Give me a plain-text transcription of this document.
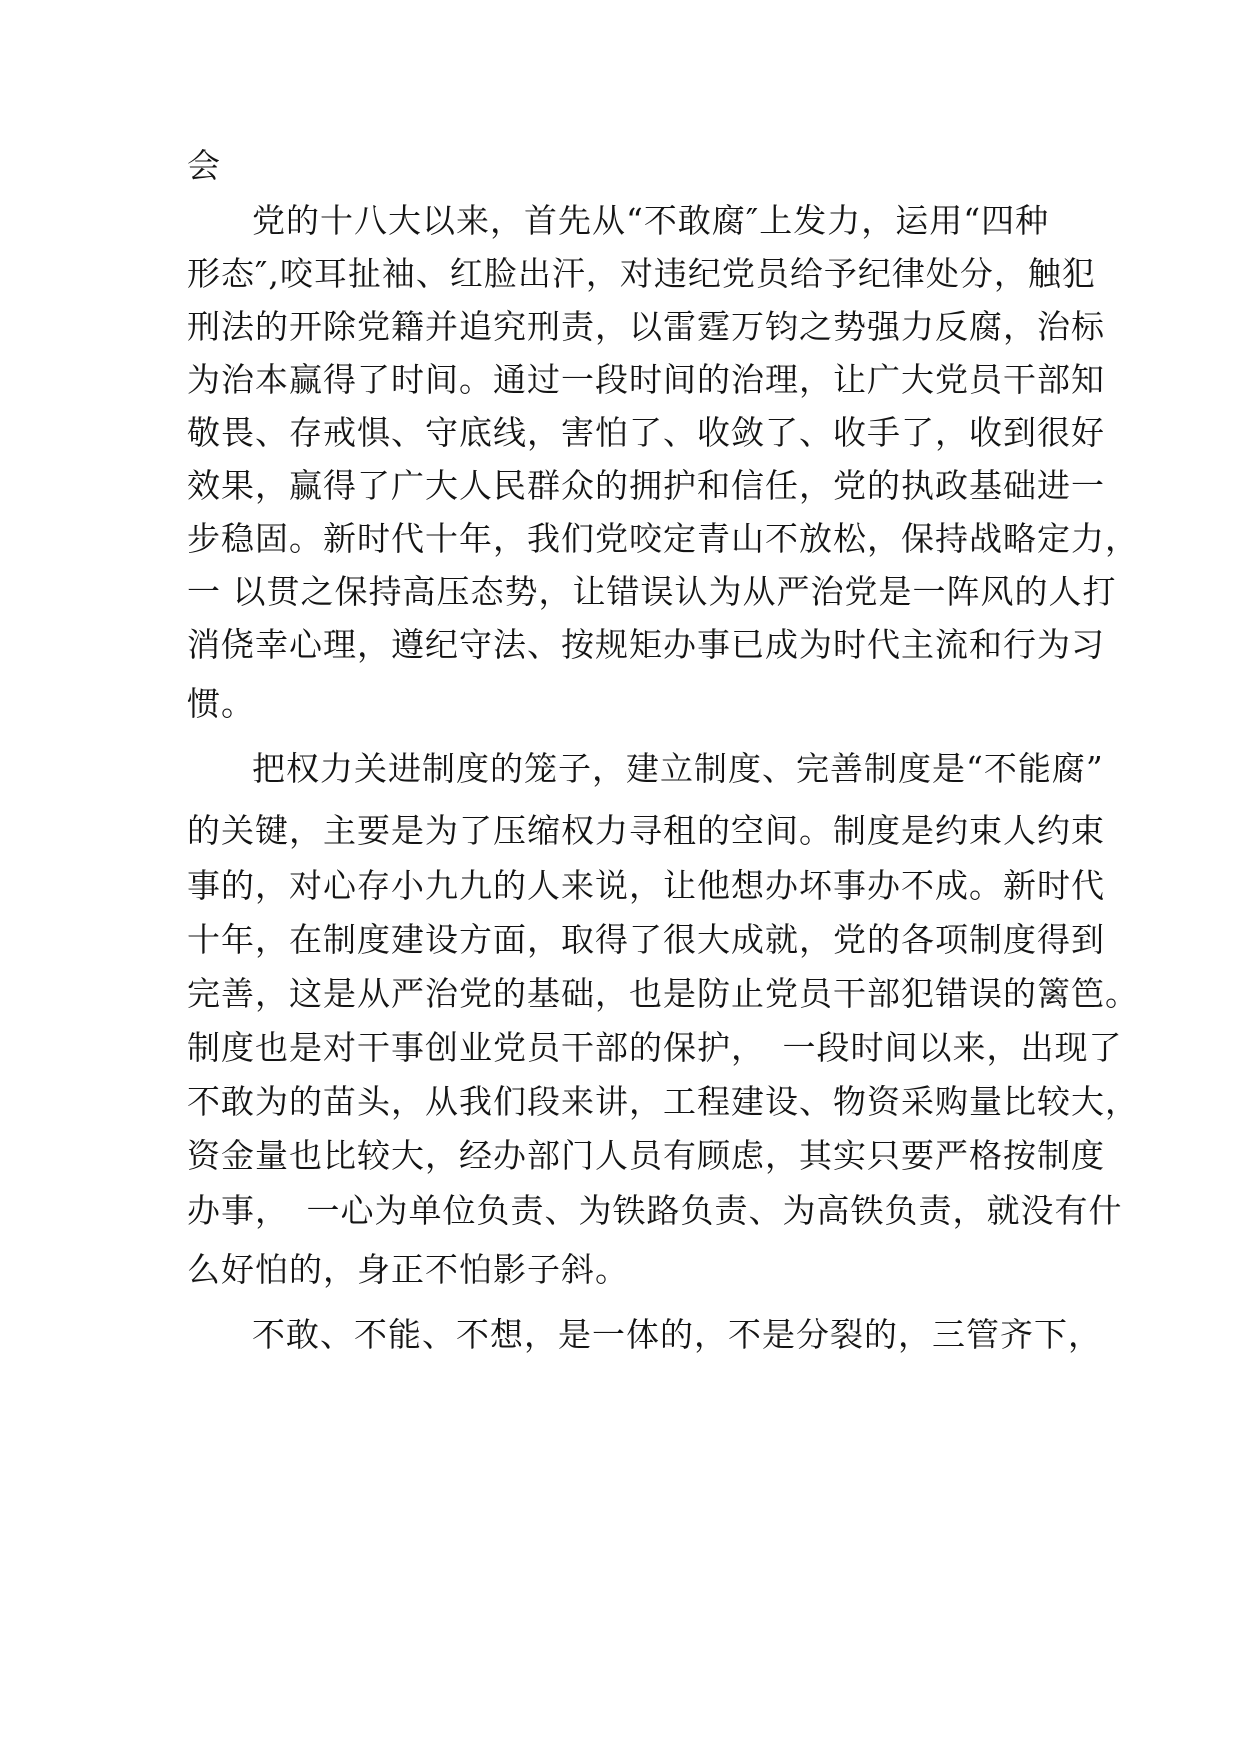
会

党的十八大以来，首先从“不敢腐″上发力，运用“四种

形态″,咬耳扯袖、红脸出汗，对违纪党员给予纪律处分，触犯

刑法的开除党籍并追究刑责，以雷霆万钧之势强力反腐，治标

为治本赢得了时间。通过一段时间的治理，让广大党员干部知

敬畏、存戒惧、守底线，害怕了、收敛了、收手了，收到很好

效果，赢得了广大人民群众的拥护和信任，党的执政基础进一

步稳固。新时代十年，我们党咬定青山不放松，保持战略定力，

一 以贯之保持高压态势，让错误认为从严治党是一阵风的人打

消侥幸心理，遵纪守法、按规矩办事已成为时代主流和行为习

惯。

把权力关进制度的笼子，建立制度、完善制度是“不能腐”

的关键，主要是为了压缩权力寻租的空间。制度是约束人约束

事的，对心存小九九的人来说，让他想办坏事办不成。新时代

十年，在制度建设方面，取得了很大成就，党的各项制度得到

完善，这是从严治党的基础，也是防止党员干部犯错误的篱笆。

制度也是对干事创业党员干部的保护，　一段时间以来，出现了

不敢为的苗头，从我们段来讲，工程建设、物资采购量比较大，

资金量也比较大，经办部门人员有顾虑，其实只要严格按制度

办事，　一心为单位负责、为铁路负责、为高铁负责，就没有什

么好怕的，身正不怕影子斜。

不敢、不能、不想，是一体的，不是分裂的，三管齐下，
